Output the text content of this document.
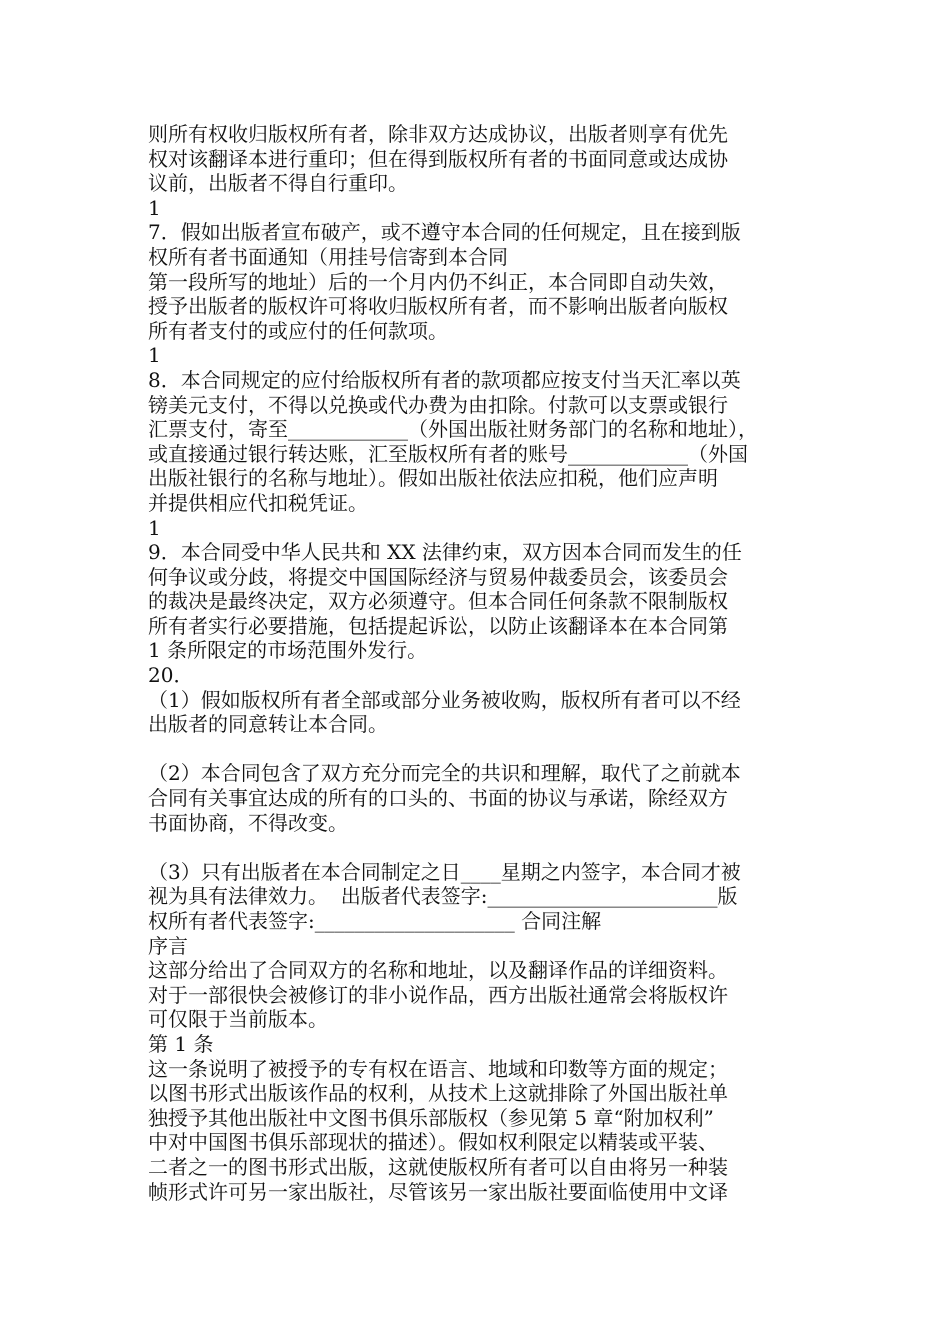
则所有权收归版权所有者，除非双方达成协议，出版者则享有优先
权对该翻译本进行重印；但在得到版权所有者的书面同意或达成协
议前，出版者不得自行重印。
1
7．假如出版者宣布破产，或不遵守本合同的任何规定，且在接到版
权所有者书面通知（用挂号信寄到本合同
第一段所写的地址）后的一个月内仍不纠正，本合同即自动失效，
授予出版者的版权许可将收归版权所有者，而不影响出版者向版权
所有者支付的或应付的任何款项。
1
8．本合同规定的应付给版权所有者的款项都应按支付当天汇率以英
镑美元支付，不得以兑换或代办费为由扣除。付款可以支票或银行
汇票支付，寄至____________（外国出版社财务部门的名称和地址），
或直接通过银行转达账，汇至版权所有者的账号____________（外国
出版社银行的名称与地址）。假如出版社依法应扣税，他们应声明
并提供相应代扣税凭证。
1
9．本合同受中华人民共和 XX 法律约束，双方因本合同而发生的任
何争议或分歧，将提交中国国际经济与贸易仲裁委员会，该委员会
的裁决是最终决定，双方必须遵守。但本合同任何条款不限制版权
所有者实行必要措施，包括提起诉讼，以防止该翻译本在本合同第
1 条所限定的市场范围外发行。
20．
（1）假如版权所有者全部或部分业务被收购，版权所有者可以不经
出版者的同意转让本合同。
（2）本合同包含了双方充分而完全的共识和理解，取代了之前就本
合同有关事宜达成的所有的口头的、书面的协议与承诺，除经双方
书面协商，不得改变。
（3）只有出版者在本合同制定之日____星期之内签字，本合同才被
视为具有法律效力。  出版者代表签字:_______________________版
权所有者代表签字:____________________ 合同注解
序言
这部分给出了合同双方的名称和地址，以及翻译作品的详细资料。
对于一部很快会被修订的非小说作品，西方出版社通常会将版权许
可仅限于当前版本。
第 1 条
这一条说明了被授予的专有权在语言、地域和印数等方面的规定；
以图书形式出版该作品的权利，从技术上这就排除了外国出版社单
独授予其他出版社中文图书俱乐部版权（参见第 5 章“附加权利”
中对中国图书俱乐部现状的描述）。假如权利限定以精装或平装、
二者之一的图书形式出版，这就使版权所有者可以自由将另一种装
帧形式许可另一家出版社，尽管该另一家出版社要面临使用中文译
